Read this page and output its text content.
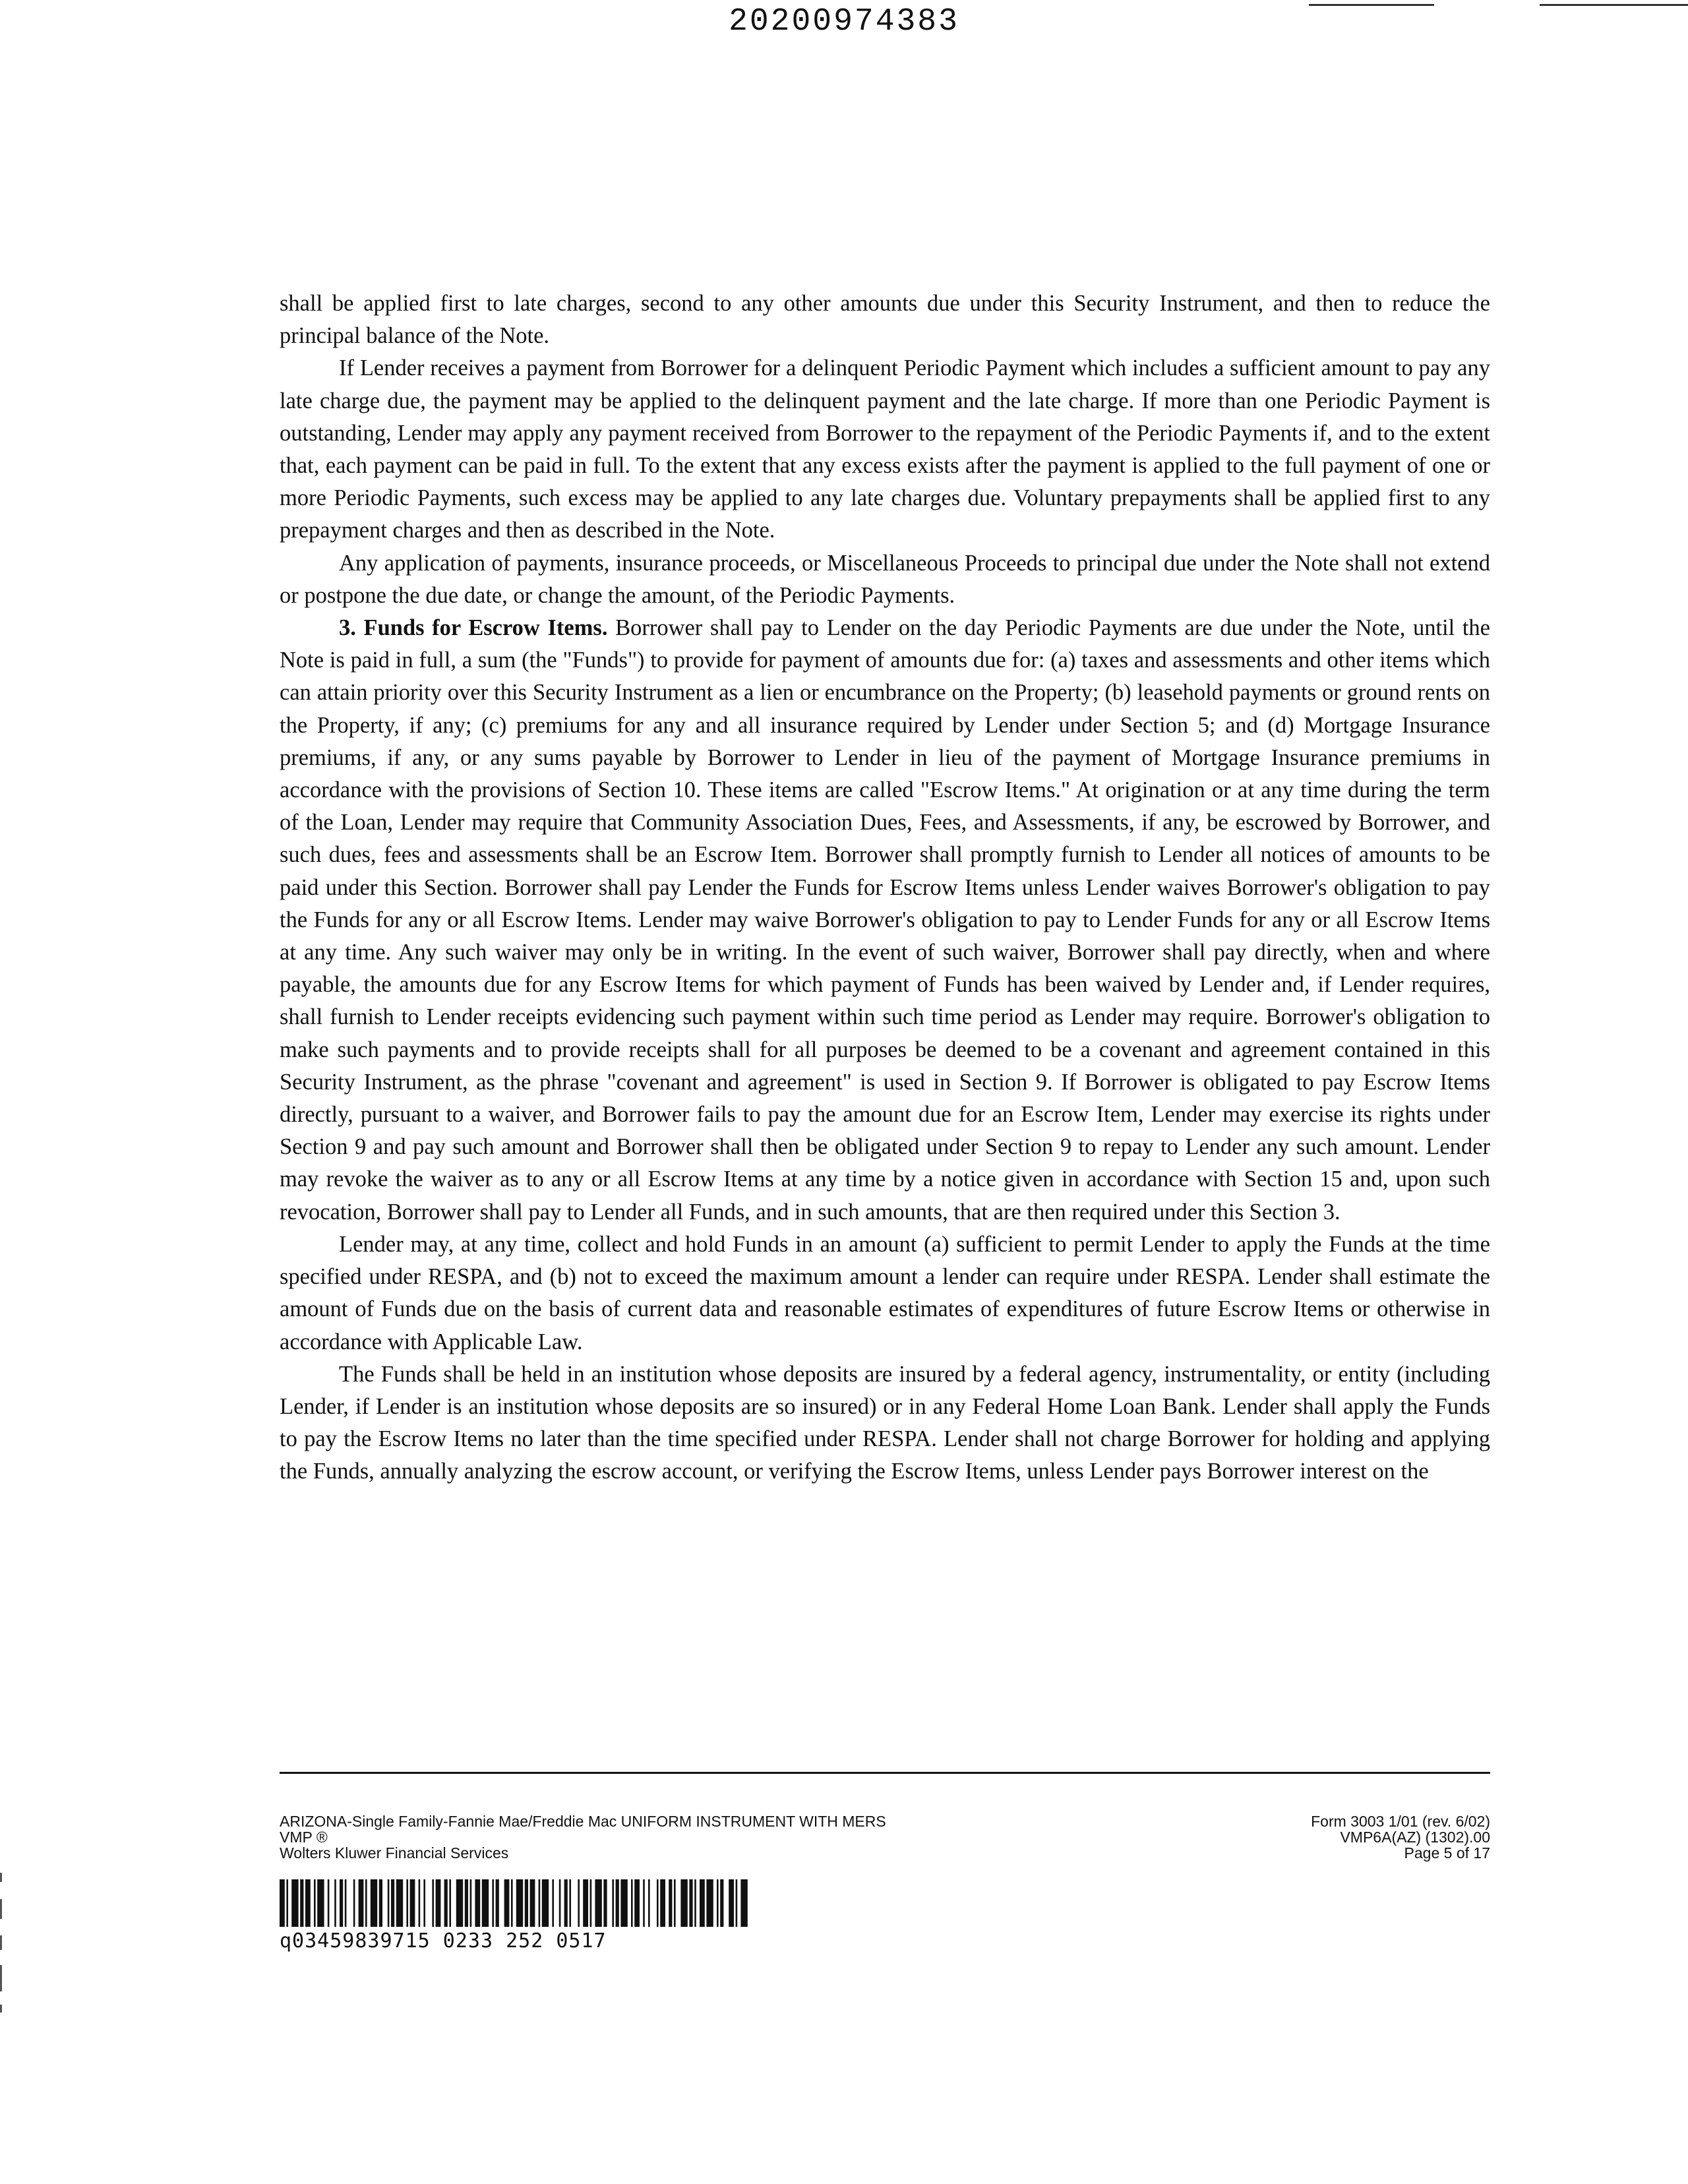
20200974383

shall be applied first to late charges, second to any other amounts due under this Security Instrument, and then to reduce the principal balance of the Note.

If Lender receives a payment from Borrower for a delinquent Periodic Payment which includes a sufficient amount to pay any late charge due, the payment may be applied to the delinquent payment and the late charge. If more than one Periodic Payment is outstanding, Lender may apply any payment received from Borrower to the repayment of the Periodic Payments if, and to the extent that, each payment can be paid in full. To the extent that any excess exists after the payment is applied to the full payment of one or more Periodic Payments, such excess may be applied to any late charges due. Voluntary prepayments shall be applied first to any prepayment charges and then as described in the Note.

Any application of payments, insurance proceeds, or Miscellaneous Proceeds to principal due under the Note shall not extend or postpone the due date, or change the amount, of the Periodic Payments.

3. Funds for Escrow Items. Borrower shall pay to Lender on the day Periodic Payments are due under the Note, until the Note is paid in full, a sum (the "Funds") to provide for payment of amounts due for: (a) taxes and assessments and other items which can attain priority over this Security Instrument as a lien or encumbrance on the Property; (b) leasehold payments or ground rents on the Property, if any; (c) premiums for any and all insurance required by Lender under Section 5; and (d) Mortgage Insurance premiums, if any, or any sums payable by Borrower to Lender in lieu of the payment of Mortgage Insurance premiums in accordance with the provisions of Section 10. These items are called "Escrow Items." At origination or at any time during the term of the Loan, Lender may require that Community Association Dues, Fees, and Assessments, if any, be escrowed by Borrower, and such dues, fees and assessments shall be an Escrow Item. Borrower shall promptly furnish to Lender all notices of amounts to be paid under this Section. Borrower shall pay Lender the Funds for Escrow Items unless Lender waives Borrower's obligation to pay the Funds for any or all Escrow Items. Lender may waive Borrower's obligation to pay to Lender Funds for any or all Escrow Items at any time. Any such waiver may only be in writing. In the event of such waiver, Borrower shall pay directly, when and where payable, the amounts due for any Escrow Items for which payment of Funds has been waived by Lender and, if Lender requires, shall furnish to Lender receipts evidencing such payment within such time period as Lender may require. Borrower's obligation to make such payments and to provide receipts shall for all purposes be deemed to be a covenant and agreement contained in this Security Instrument, as the phrase "covenant and agreement" is used in Section 9. If Borrower is obligated to pay Escrow Items directly, pursuant to a waiver, and Borrower fails to pay the amount due for an Escrow Item, Lender may exercise its rights under Section 9 and pay such amount and Borrower shall then be obligated under Section 9 to repay to Lender any such amount. Lender may revoke the waiver as to any or all Escrow Items at any time by a notice given in accordance with Section 15 and, upon such revocation, Borrower shall pay to Lender all Funds, and in such amounts, that are then required under this Section 3.

Lender may, at any time, collect and hold Funds in an amount (a) sufficient to permit Lender to apply the Funds at the time specified under RESPA, and (b) not to exceed the maximum amount a lender can require under RESPA. Lender shall estimate the amount of Funds due on the basis of current data and reasonable estimates of expenditures of future Escrow Items or otherwise in accordance with Applicable Law.

The Funds shall be held in an institution whose deposits are insured by a federal agency, instrumentality, or entity (including Lender, if Lender is an institution whose deposits are so insured) or in any Federal Home Loan Bank. Lender shall apply the Funds to pay the Escrow Items no later than the time specified under RESPA. Lender shall not charge Borrower for holding and applying the Funds, annually analyzing the escrow account, or verifying the Escrow Items, unless Lender pays Borrower interest on the

ARIZONA-Single Family-Fannie Mae/Freddie Mac UNIFORM INSTRUMENT WITH MERS
VMP ®
Wolters Kluwer Financial Services
Form 3003 1/01 (rev. 6/02)
VMP6A(AZ) (1302).00
Page 5 of 17
q03459839715 0233 252 0517
